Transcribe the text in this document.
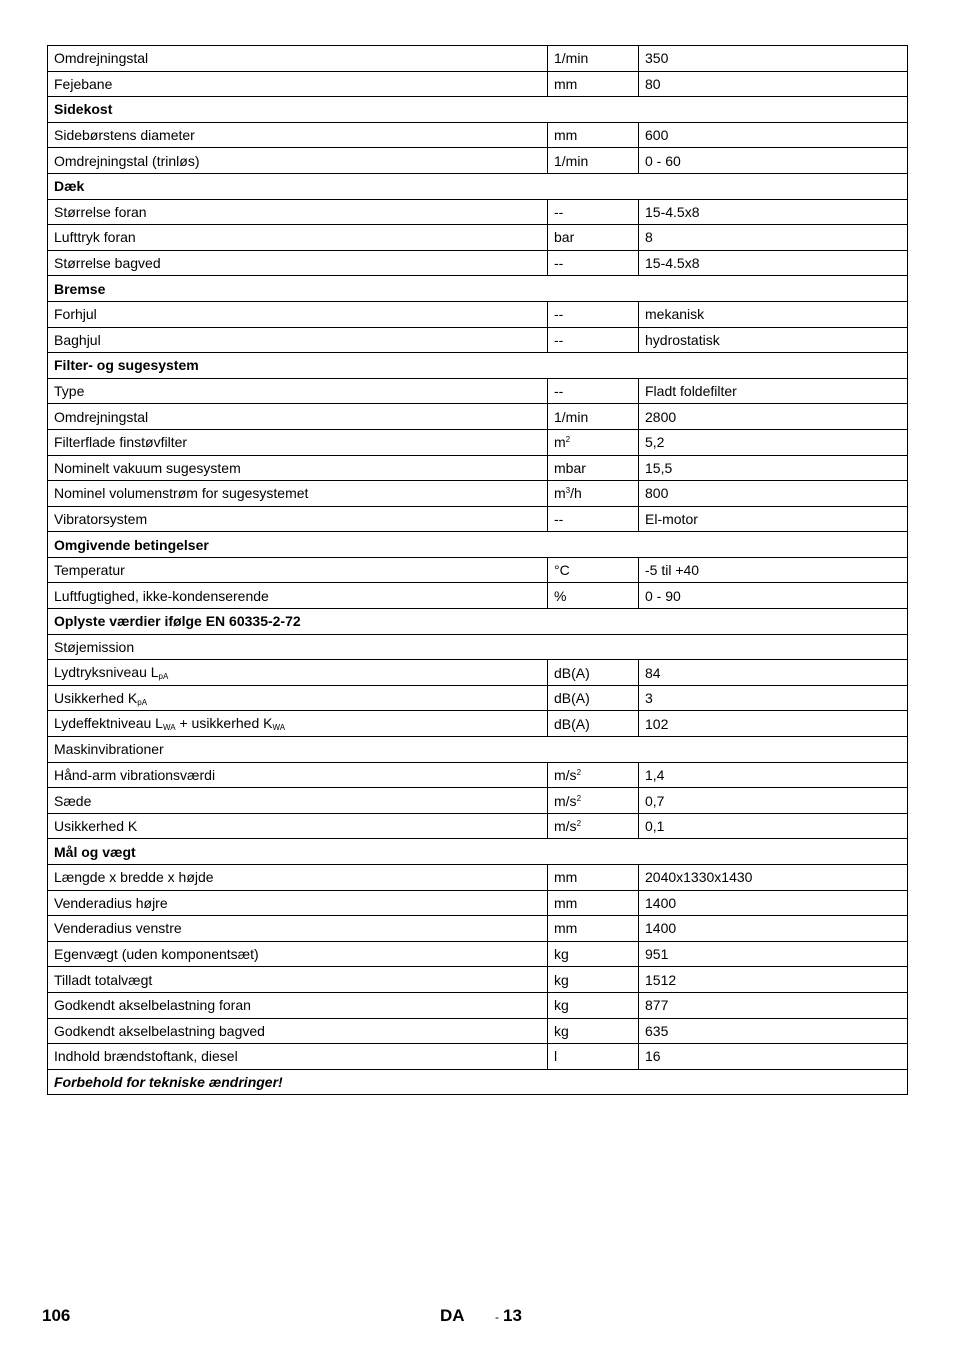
Omdrejningstal	1/min	350
Fejebane	mm	80
Sidekost		
Sidebørstens diameter	mm	600
Omdrejningstal (trinløs)	1/min	0 - 60
Dæk		
Størrelse foran	--	15-4.5x8
Lufttryk foran	bar	8
Størrelse bagved	--	15-4.5x8
Bremse		
Forhjul	--	mekanisk
Baghjul	--	hydrostatisk
Filter- og sugesystem		
Type	--	Fladt foldefilter
Omdrejningstal	1/min	2800
Filterflade finstøvfilter	$m^2$	5,2
Nominelt vakuum sugesystem	mbar	15,5
Nominel volumenstrøm for sugesystemet	$m^3/h$	800
Vibratorsystem	--	El-motor
Omgivende betingelser		
Temperatur	°C	-5 til +40
Luftfugtighed, ikke-kondenserende	%	0 - 90
Oplyste værdier ifølge EN 60335-2-72		
Støjemission		
Lydtryksniveau $L_{pA}$	dB(A)	84
Usikkerhed $K_{pA}$	dB(A)	3
Lydeffektniveau $L_{WA}$ + usikkerhed $K_{WA}$	dB(A)	102
Maskinvibrationer		
Hånd-arm vibrationsværdi	$m/s^2$	1,4
Sæde	$m/s^2$	0,7
Usikkerhed K	$m/s^2$	0,1
Mål og vægt		
Længde x bredde x højde	mm	2040x1330x1430
Venderadius højre	mm	1400
Venderadius venstre	mm	1400
Egenvægt (uden komponentsæt)	kg	951
Tilladt totalvægt	kg	1512
Godkendt akselbelastning foran	kg	877
Godkendt akselbelastning bagved	kg	635
Indhold brændstoftank, diesel	l	16
Forbehold for tekniske ændringer!		
106	DA	- 13
